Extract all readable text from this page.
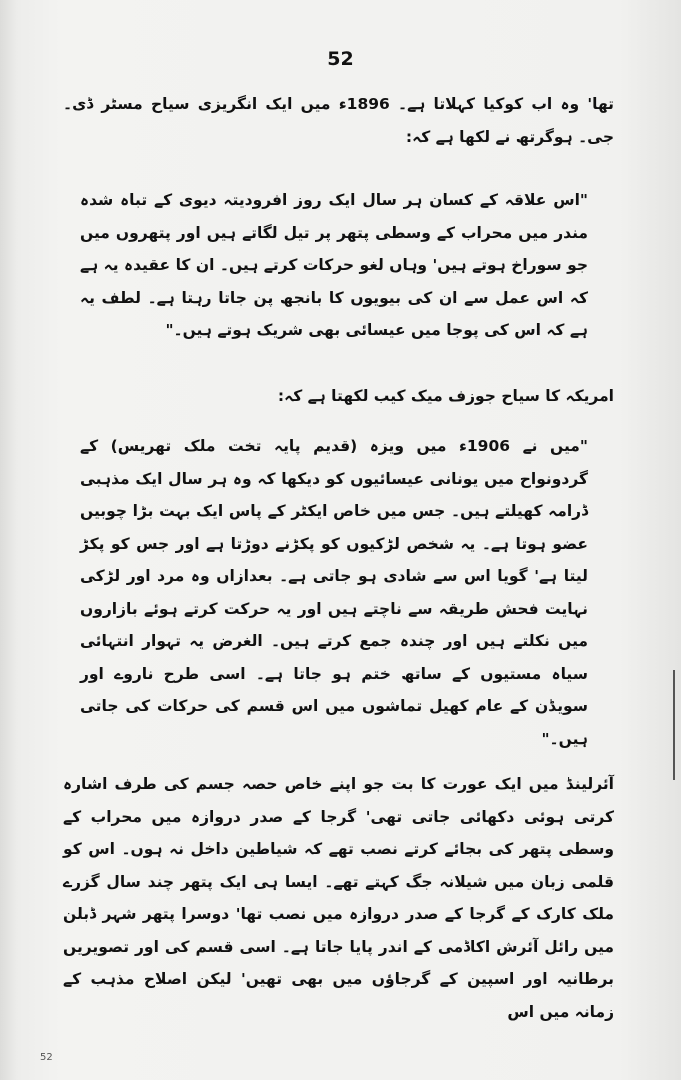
52

تھا' وہ اب کوکیا کہلاتا ہے۔ 1896ء میں ایک انگریزی سیاح مسٹر ڈی۔ جی۔ ہوگرتھ نے لکھا ہے کہ:

"اس علاقہ کے کسان ہر سال ایک روز افرودیتہ دیوی کے تباہ شدہ مندر میں محراب کے وسطی پتھر پر تیل لگاتے ہیں اور پتھروں میں جو سوراخ ہوتے ہیں' وہاں لغو حرکات کرتے ہیں۔ ان کا عقیدہ یہ ہے کہ اس عمل سے ان کی بیویوں کا بانجھ پن جاتا رہتا ہے۔ لطف یہ ہے کہ اس کی پوجا میں عیسائی بھی شریک ہوتے ہیں۔"

امریکہ کا سیاح جوزف میک کیب لکھتا ہے کہ:

"میں نے 1906ء میں ویزہ (قدیم پایہ تخت ملک تھریس) کے گردونواح میں یونانی عیسائیوں کو دیکھا کہ وہ ہر سال ایک مذہبی ڈرامہ کھیلتے ہیں۔ جس میں خاص ایکٹر کے پاس ایک بہت بڑا چوبیں عضو ہوتا ہے۔ یہ شخص لڑکیوں کو پکڑنے دوڑتا ہے اور جس کو پکڑ لیتا ہے' گویا اس سے شادی ہو جاتی ہے۔ بعدازاں وہ مرد اور لڑکی نہایت فحش طریقہ سے ناچتے ہیں اور یہ حرکت کرتے ہوئے بازاروں میں نکلتے ہیں اور چندہ جمع کرتے ہیں۔ الغرض یہ تہوار انتہائی سیاہ مستیوں کے ساتھ ختم ہو جاتا ہے۔ اسی طرح ناروے اور سویڈن کے عام کھیل تماشوں میں اس قسم کی حرکات کی جاتی ہیں۔"

آئرلینڈ میں ایک عورت کا بت جو اپنے خاص حصہ جسم کی طرف اشارہ کرتی ہوئی دکھائی جاتی تھی' گرجا کے صدر دروازہ میں محراب کے وسطی پتھر کی بجائے کرتے نصب تھے کہ شیاطین داخل نہ ہوں۔ اس کو قلمی زبان میں شیلانہ جگ کہتے تھے۔ ایسا ہی ایک پتھر چند سال گزرے ملک کارک کے گرجا کے صدر دروازہ میں نصب تھا' دوسرا پتھر شہر ڈبلن میں رائل آئرش اکاڈمی کے اندر پایا جاتا ہے۔ اسی قسم کی اور تصویریں برطانیہ اور اسپین کے گرجاؤں میں بھی تھیں' لیکن اصلاح مذہب کے زمانہ میں اس

52
